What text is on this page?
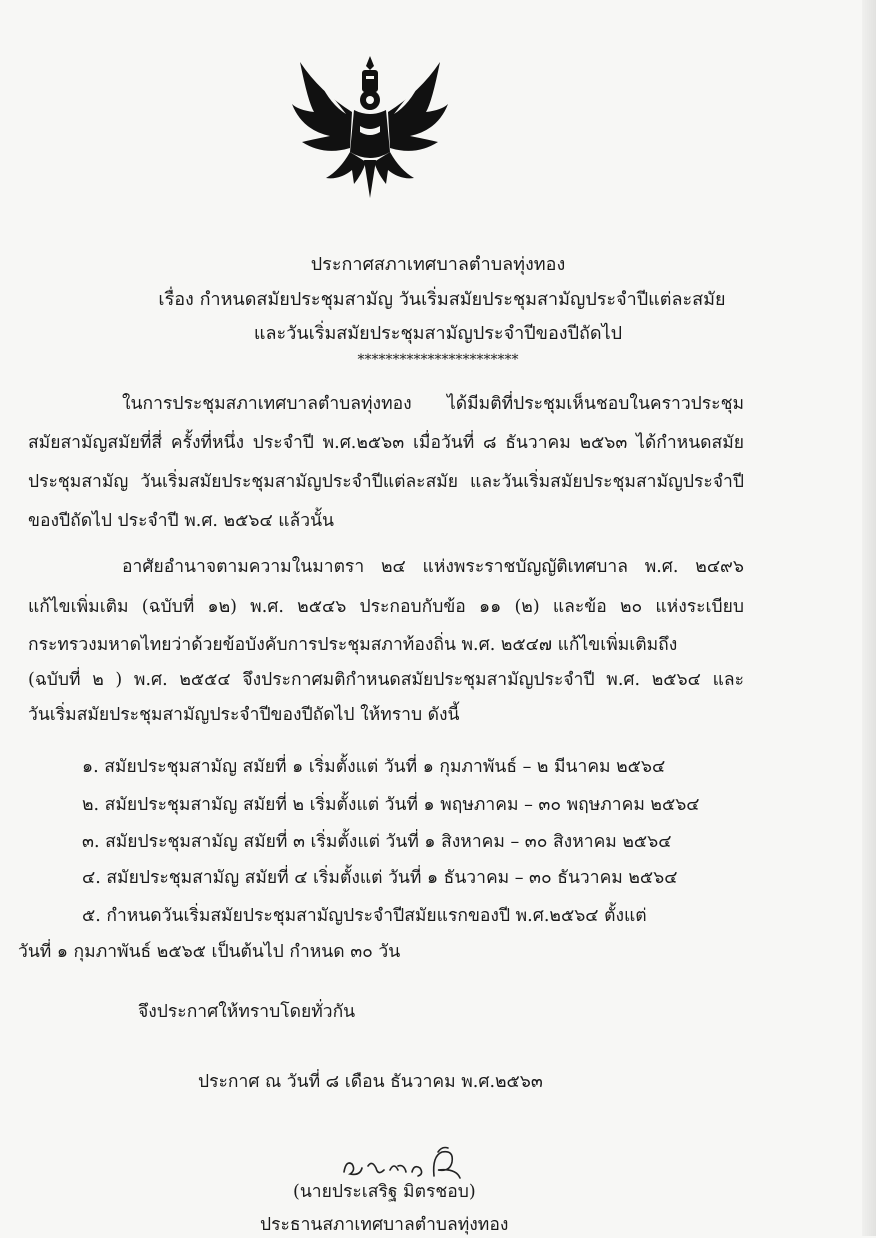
ประกาศสภาเทศบาลตำบลทุ่งทอง
เรื่อง กำหนดสมัยประชุมสามัญ วันเริ่มสมัยประชุมสามัญประจำปีแต่ละสมัย
และวันเริ่มสมัยประชุมสามัญประจำปีของปีถัดไป
***********************
ในการประชุมสภาเทศบาลตำบลทุ่งทอง ได้มีมติที่ประชุมเห็นชอบในคราวประชุม
สมัยสามัญสมัยที่สี่ ครั้งที่หนึ่ง ประจำปี พ.ศ.๒๕๖๓ เมื่อวันที่ ๘ ธันวาคม ๒๕๖๓ ได้กำหนดสมัย
ประชุมสามัญ วันเริ่มสมัยประชุมสามัญประจำปีแต่ละสมัย และวันเริ่มสมัยประชุมสามัญประจำปี
ของปีถัดไป ประจำปี พ.ศ. ๒๕๖๔ แล้วนั้น
อาศัยอำนาจตามความในมาตรา ๒๔ แห่งพระราชบัญญัติเทศบาล พ.ศ. ๒๔๙๖
แก้ไขเพิ่มเติม (ฉบับที่ ๑๒) พ.ศ. ๒๕๔๖ ประกอบกับข้อ ๑๑ (๒) และข้อ ๒๐ แห่งระเบียบ
กระทรวงมหาดไทยว่าด้วยข้อบังคับการประชุมสภาท้องถิ่น พ.ศ. ๒๕๔๗ แก้ไขเพิ่มเติมถึง
(ฉบับที่ ๒ ) พ.ศ. ๒๕๕๔ จึงประกาศมติกำหนดสมัยประชุมสามัญประจำปี พ.ศ. ๒๕๖๔ และ
วันเริ่มสมัยประชุมสามัญประจำปีของปีถัดไป ให้ทราบ ดังนี้
๑. สมัยประชุมสามัญ สมัยที่ ๑ เริ่มตั้งแต่ วันที่ ๑ กุมภาพันธ์ – ๒ มีนาคม ๒๕๖๔
๒. สมัยประชุมสามัญ สมัยที่ ๒ เริ่มตั้งแต่ วันที่ ๑ พฤษภาคม – ๓๐ พฤษภาคม ๒๕๖๔
๓. สมัยประชุมสามัญ สมัยที่ ๓ เริ่มตั้งแต่ วันที่ ๑ สิงหาคม – ๓๐ สิงหาคม ๒๕๖๔
๔. สมัยประชุมสามัญ สมัยที่ ๔ เริ่มตั้งแต่ วันที่ ๑ ธันวาคม – ๓๐ ธันวาคม ๒๕๖๔
๕. กำหนดวันเริ่มสมัยประชุมสามัญประจำปีสมัยแรกของปี พ.ศ.๒๕๖๔ ตั้งแต่
วันที่ ๑ กุมภาพันธ์ ๒๕๖๕ เป็นต้นไป กำหนด ๓๐ วัน
จึงประกาศให้ทราบโดยทั่วกัน
ประกาศ ณ วันที่ ๘ เดือน ธันวาคม พ.ศ.๒๕๖๓
(นายประเสริฐ มิตรชอบ)
ประธานสภาเทศบาลตำบลทุ่งทอง
